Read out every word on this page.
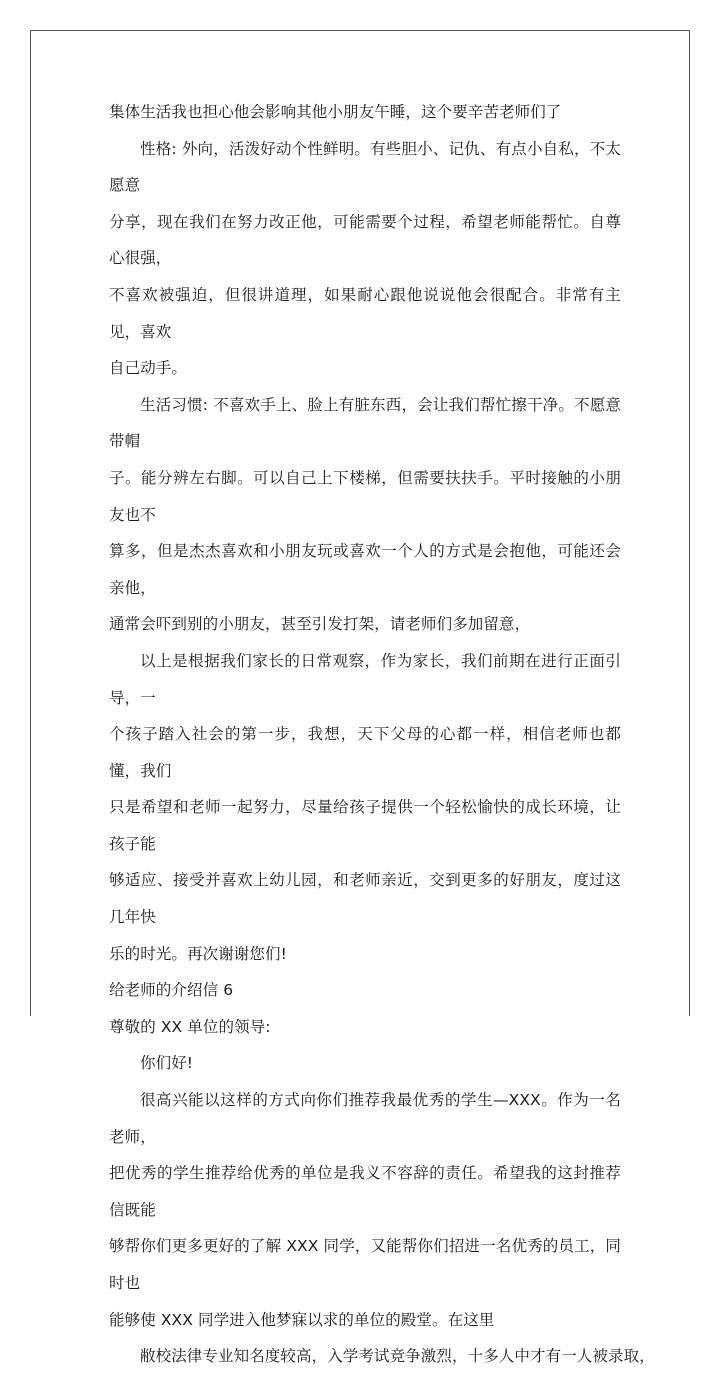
集体生活我也担心他会影响其他小朋友午睡，这个要辛苦老师们了

性格: 外向，活泼好动个性鲜明。有些胆小、记仇、有点小自私，不太愿意
分享，现在我们在努力改正他，可能需要个过程，希望老师能帮忙。自尊心很强，
不喜欢被强迫，但很讲道理，如果耐心跟他说说他会很配合。非常有主见，喜欢
自己动手。

生活习惯: 不喜欢手上、脸上有脏东西，会让我们帮忙擦干净。不愿意带帽
子。能分辨左右脚。可以自己上下楼梯，但需要扶扶手。平时接触的小朋友也不
算多，但是杰杰喜欢和小朋友玩或喜欢一个人的方式是会抱他，可能还会亲他，
通常会吓到别的小朋友，甚至引发打架，请老师们多加留意，

以上是根据我们家长的日常观察，作为家长，我们前期在进行正面引导，一
个孩子踏入社会的第一步，我想，天下父母的心都一样，相信老师也都懂，我们
只是希望和老师一起努力，尽量给孩子提供一个轻松愉快的成长环境，让孩子能
够适应、接受并喜欢上幼儿园，和老师亲近，交到更多的好朋友，度过这几年快
乐的时光。再次谢谢您们!

给老师的介绍信 6

尊敬的 XX 单位的领导:

你们好!

很高兴能以这样的方式向你们推荐我最优秀的学生—XXX。作为一名老师，
把优秀的学生推荐给优秀的单位是我义不容辞的责任。希望我的这封推荐信既能
够帮你们更多更好的了解 XXX 同学，又能帮你们招进一名优秀的员工，同时也
能够使 XXX 同学进入他梦寐以求的单位的殿堂。在这里

敝校法律专业知名度较高，入学考试竞争激烈，十多人中才有一人被录取，
